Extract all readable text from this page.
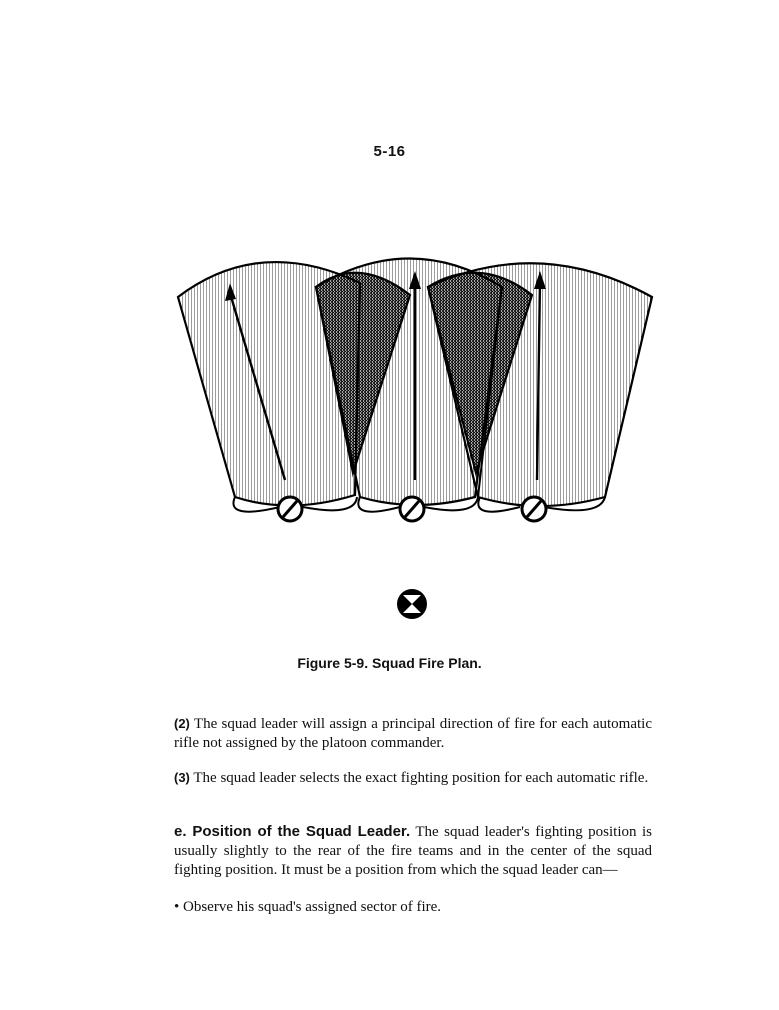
5-16
Figure 5-9. Squad Fire Plan.
(2) The squad leader will assign a principal direction of fire for each automatic rifle not assigned by the platoon commander.
(3) The squad leader selects the exact fighting position for each automatic rifle.
e. Position of the Squad Leader. The squad leader's fighting position is usually slightly to the rear of the fire teams and in the center of the squad fighting position. It must be a position from which the squad leader can—
• Observe his squad's assigned sector of fire.
